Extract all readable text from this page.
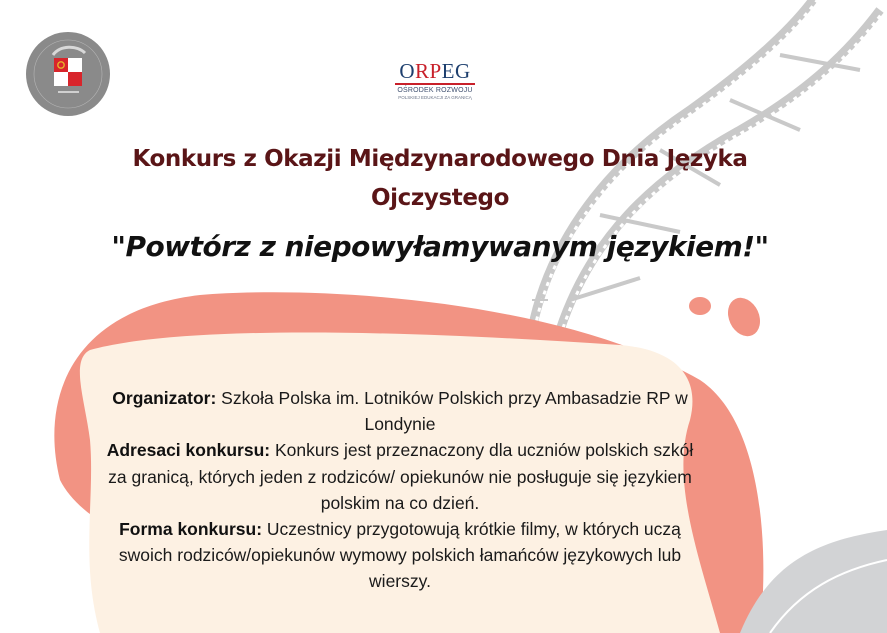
ORPEG
OŚRODEK ROZWOJU
POLSKIEJ EDUKACJI ZA GRANICĄ
Konkurs z Okazji Międzynarodowego Dnia Języka
Ojczystego
"Powtórz z niepowyłamywanym językiem!"
Organizator: Szkoła Polska im. Lotników Polskich przy Ambasadzie RP w Londynie
Adresaci konkursu: Konkurs jest przeznaczony dla uczniów polskich szkół za granicą, których jeden z rodziców/ opiekunów nie posługuje się językiem polskim na co dzień.
Forma konkursu: Uczestnicy przygotowują krótkie filmy, w których uczą swoich rodziców/opiekunów wymowy polskich łamańców językowych lub wierszy.
